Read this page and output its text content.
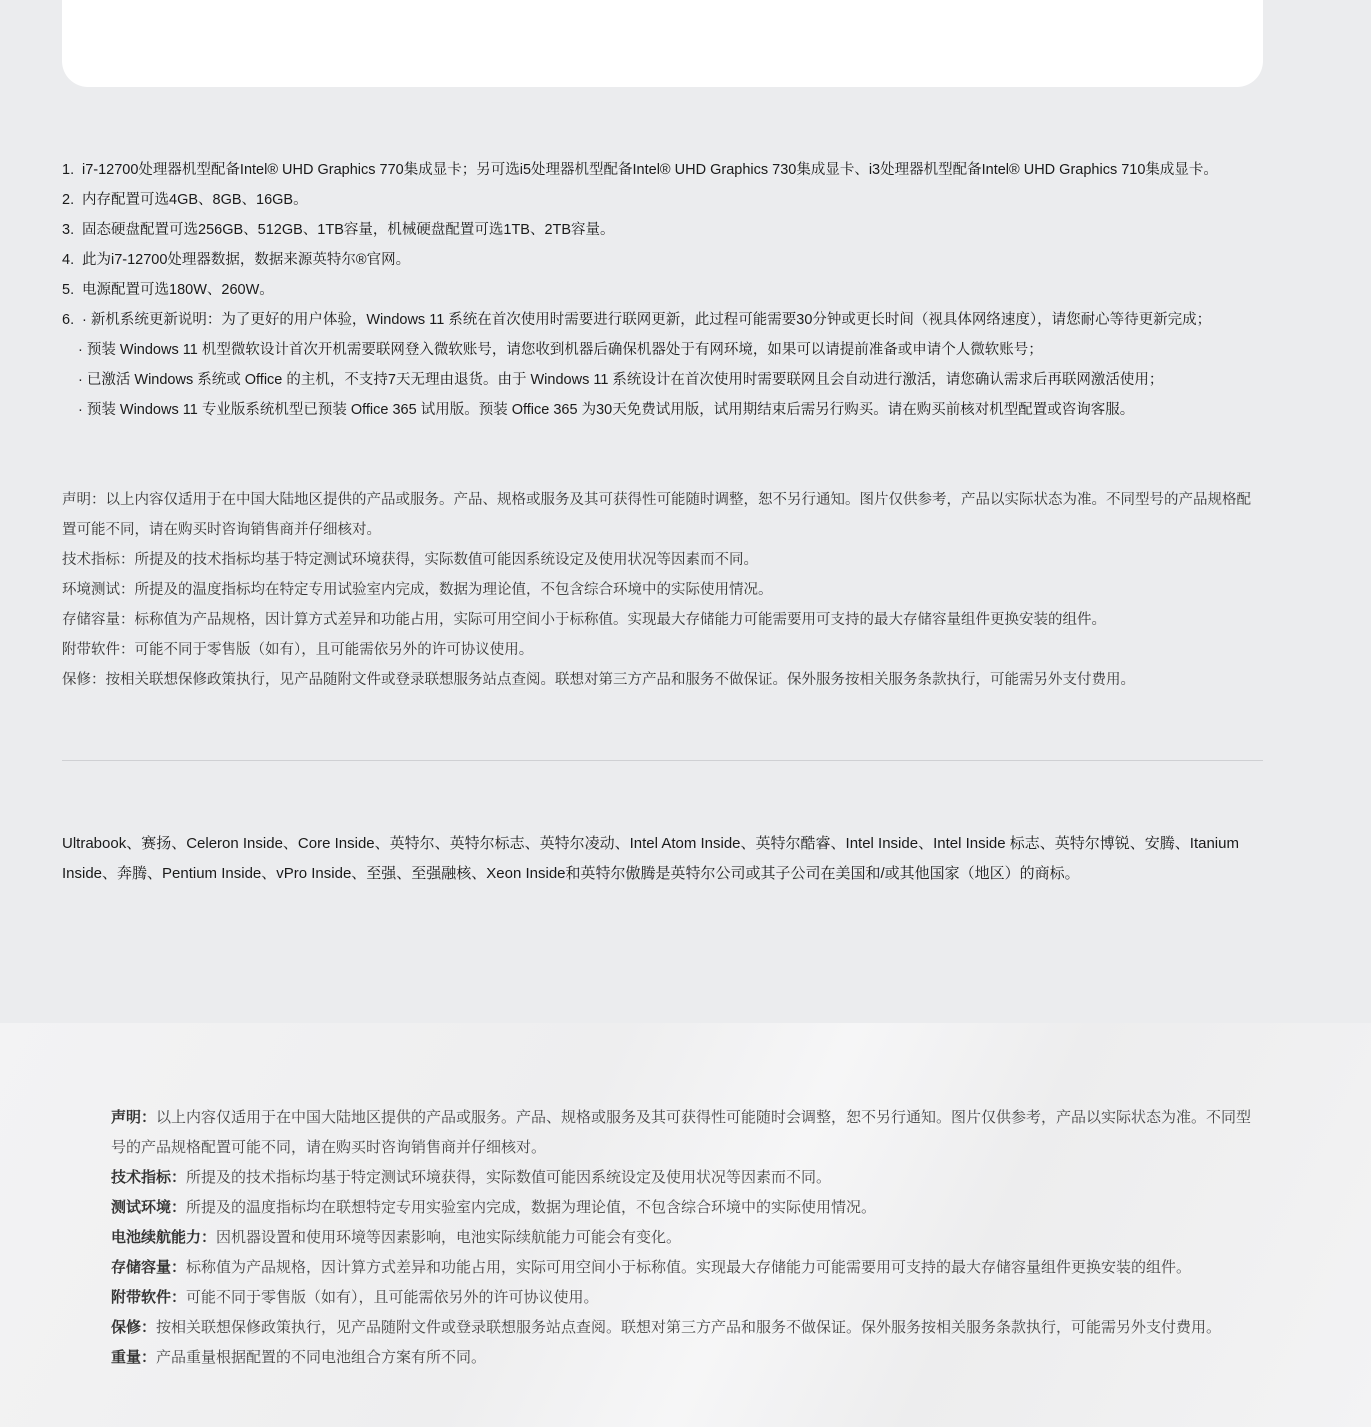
1. i7-12700处理器机型配备Intel® UHD Graphics 770集成显卡；另可选i5处理器机型配备Intel® UHD Graphics 730集成显卡、i3处理器机型配备Intel® UHD Graphics 710集成显卡。
2. 内存配置可选4GB、8GB、16GB。
3. 固态硬盘配置可选256GB、512GB、1TB容量，机械硬盘配置可选1TB、2TB容量。
4. 此为i7-12700处理器数据，数据来源英特尔®官网。
5. 电源配置可选180W、260W。
6. · 新机系统更新说明：为了更好的用户体验，Windows 11 系统在首次使用时需要进行联网更新，此过程可能需要30分钟或更长时间（视具体网络速度），请您耐心等待更新完成；
· 预装 Windows 11 机型微软设计首次开机需要联网登入微软账号，请您收到机器后确保机器处于有网环境，如果可以请提前准备或申请个人微软账号；
· 已激活 Windows 系统或 Office 的主机，不支持7天无理由退货。由于 Windows 11 系统设计在首次使用时需要联网且会自动进行激活，请您确认需求后再联网激活使用；
· 预装 Windows 11 专业版系统机型已预装 Office 365 试用版。预装 Office 365 为30天免费试用版，试用期结束后需另行购买。请在购买前核对机型配置或咨询客服。
声明：以上内容仅适用于在中国大陆地区提供的产品或服务。产品、规格或服务及其可获得性可能随时调整，恕不另行通知。图片仅供参考，产品以实际状态为准。不同型号的产品规格配置可能不同，请在购买时咨询销售商并仔细核对。
技术指标：所提及的技术指标均基于特定测试环境获得，实际数值可能因系统设定及使用状况等因素而不同。
环境测试：所提及的温度指标均在特定专用试验室内完成，数据为理论值，不包含综合环境中的实际使用情况。
存储容量：标称值为产品规格，因计算方式差异和功能占用，实际可用空间小于标称值。实现最大存储能力可能需要用可支持的最大存储容量组件更换安装的组件。
附带软件：可能不同于零售版（如有），且可能需依另外的许可协议使用。
保修：按相关联想保修政策执行，见产品随附文件或登录联想服务站点查阅。联想对第三方产品和服务不做保证。保外服务按相关服务条款执行，可能需另外支付费用。
Ultrabook、赛扬、Celeron Inside、Core Inside、英特尔、英特尔标志、英特尔凌动、Intel Atom Inside、英特尔酷睿、Intel Inside、Intel Inside 标志、英特尔博锐、安腾、Itanium Inside、奔腾、Pentium Inside、vPro Inside、至强、至强融核、Xeon Inside和英特尔傲腾是英特尔公司或其子公司在美国和/或其他国家（地区）的商标。
声明：以上内容仅适用于在中国大陆地区提供的产品或服务。产品、规格或服务及其可获得性可能随时会调整，恕不另行通知。图片仅供参考，产品以实际状态为准。不同型号的产品规格配置可能不同，请在购买时咨询销售商并仔细核对。
技术指标：所提及的技术指标均基于特定测试环境获得，实际数值可能因系统设定及使用状况等因素而不同。
测试环境：所提及的温度指标均在联想特定专用实验室内完成，数据为理论值，不包含综合环境中的实际使用情况。
电池续航能力：因机器设置和使用环境等因素影响，电池实际续航能力可能会有变化。
存储容量：标称值为产品规格，因计算方式差异和功能占用，实际可用空间小于标称值。实现最大存储能力可能需要用可支持的最大存储容量组件更换安装的组件。
附带软件：可能不同于零售版（如有），且可能需依另外的许可协议使用。
保修：按相关联想保修政策执行，见产品随附文件或登录联想服务站点查阅。联想对第三方产品和服务不做保证。保外服务按相关服务条款执行，可能需另外支付费用。
重量：产品重量根据配置的不同电池组合方案有所不同。
